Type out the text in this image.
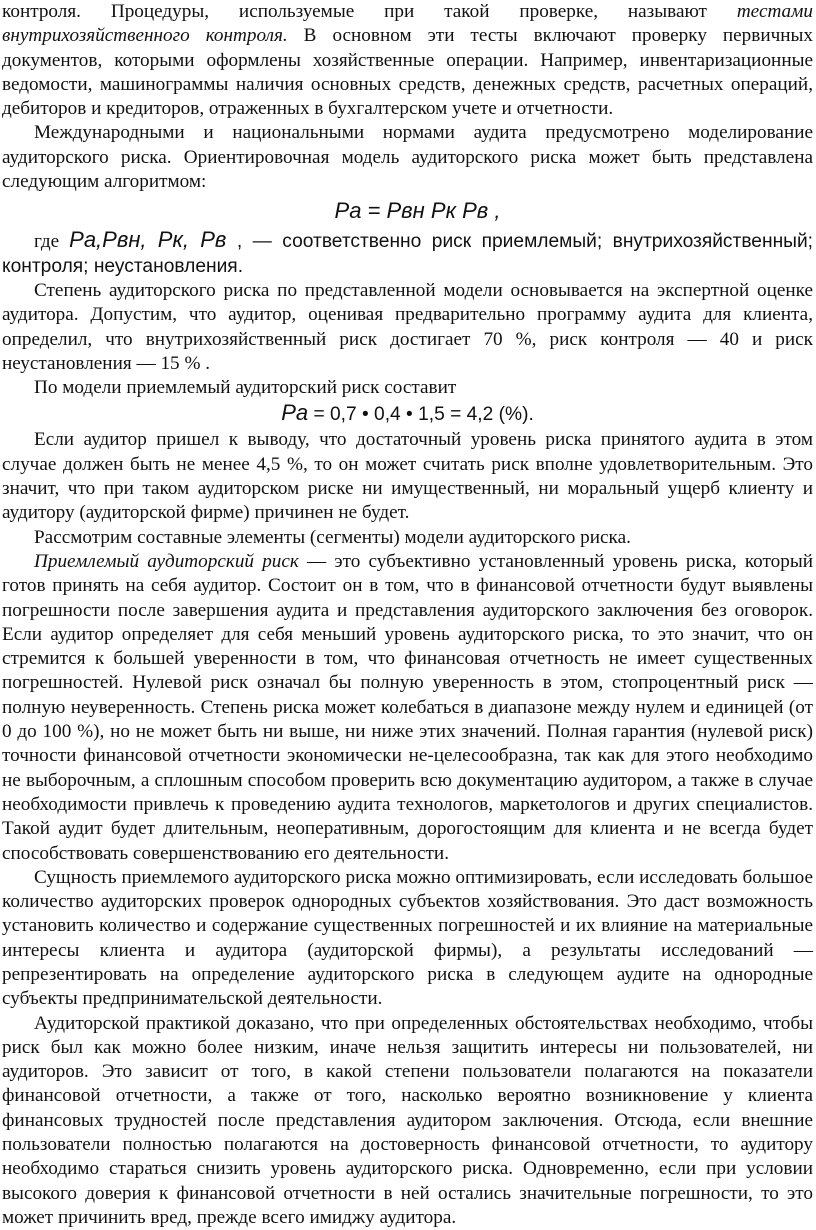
контроля. Процедуры, используемые при такой проверке, называют тестами внутрихозяйственного контроля. В основном эти тесты включают проверку первичных документов, которыми оформлены хозяйственные операции. Например, инвентаризационные ведомости, машинограммы наличия основных средств, денежных средств, расчетных операций, дебиторов и кредиторов, отраженных в бухгалтерском учете и отчетности.

Международными и национальными нормами аудита предусмотрено моделирование аудиторского риска. Ориентировочная модель аудиторского риска может быть представлена следующим алгоритмом:

Pa = Pвн Pк Pв ,

где Pa,Pвн, Pк, Pв , — соответственно риск приемлемый; внутрихозяйственный; контроля; неустановления.

Степень аудиторского риска по представленной модели основывается на экспертной оценке аудитора. Допустим, что аудитор, оценивая предварительно программу аудита для клиента, определил, что внутрихозяйственный риск достигает 70 %, риск контроля — 40 и риск неустановления — 15 % .

По модели приемлемый аудиторский риск составит

Pa = 0,7 • 0,4 • 1,5 = 4,2 (%).

Если аудитор пришел к выводу, что достаточный уровень риска принятого аудита в этом случае должен быть не менее 4,5 %, то он может считать риск вполне удовлетворительным. Это значит, что при таком аудиторском риске ни имущественный, ни моральный ущерб клиенту и аудитору (аудиторской фирме) причинен не будет.

Рассмотрим составные элементы (сегменты) модели аудиторского риска.

Приемлемый аудиторский риск — это субъективно установленный уровень риска, который готов принять на себя аудитор. Состоит он в том, что в финансовой отчетности будут выявлены погрешности после завершения аудита и представления аудиторского заключения без оговорок. Если аудитор определяет для себя меньший уровень аудиторского риска, то это значит, что он стремится к большей уверенности в том, что финансовая отчетность не имеет существенных погрешностей. Нулевой риск означал бы полную уверенность в этом, стопроцентный риск — полную неуверенность. Степень риска может колебаться в диапазоне между нулем и единицей (от 0 до 100 %), но не может быть ни выше, ни ниже этих значений. Полная гарантия (нулевой риск) точности финансовой отчетности экономически не-целесообразна, так как для этого необходимо не выборочным, а сплошным способом проверить всю документацию аудитором, а также в случае необходимости привлечь к проведению аудита технологов, маркетологов и других специалистов. Такой аудит будет длительным, неоперативным, дорогостоящим для клиента и не всегда будет способствовать совершенствованию его деятельности.

Сущность приемлемого аудиторского риска можно оптимизировать, если исследовать большое количество аудиторских проверок однородных субъектов хозяйствования. Это даст возможность установить количество и содержание существенных погрешностей и их влияние на материальные интересы клиента и аудитора (аудиторской фирмы), а результаты исследований — репрезентировать на определение аудиторского риска в следующем аудите на однородные субъекты предпринимательской деятельности.

Аудиторской практикой доказано, что при определенных обстоятельствах необходимо, чтобы риск был как можно более низким, иначе нельзя защитить интересы ни пользователей, ни аудиторов. Это зависит от того, в какой степени пользователи полагаются на показатели финансовой отчетности, а также от того, насколько вероятно возникновение у клиента финансовых трудностей после представления аудитором заключения. Отсюда, если внешние пользователи полностью полагаются на достоверность финансовой отчетности, то аудитору необходимо стараться снизить уровень аудиторского риска. Одновременно, если при условии высокого доверия к финансовой отчетности в ней остались значительные погрешности, то это может причинить вред, прежде всего имиджу аудитора.
